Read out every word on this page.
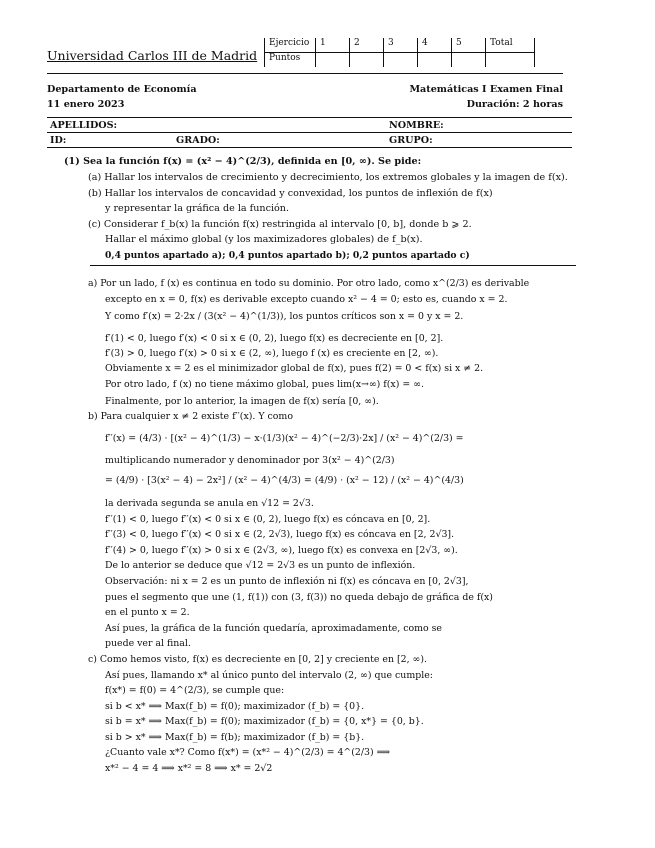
Universidad Carlos III de Madrid
Ejercicio	1	2	3	4	5	Total
Puntos						
Departamento de Economía
11 enero 2023
Matemáticas I Examen Final
Duración: 2 horas
APELLIDOS:	NOMBRE:
ID:	GRADO:	GRUPO:
(1) Sea la función f(x) = (x² − 4)^(2/3), definida en [0, ∞). Se pide:
(a) Hallar los intervalos de crecimiento y decrecimiento, los extremos globales y la imagen de f(x).
(b) Hallar los intervalos de concavidad y convexidad, los puntos de inflexión de f(x)
y representar la gráfica de la función.
(c) Considerar f_b(x) la función f(x) restringida al intervalo [0, b], donde b ⩾ 2.
Hallar el máximo global (y los maximizadores globales) de f_b(x).
0,4 puntos apartado a); 0,4 puntos apartado b); 0,2 puntos apartado c)
a) Por un lado, f (x) es continua en todo su dominio. Por otro lado, como x^(2/3) es derivable
excepto en x = 0, f(x) es derivable excepto cuando x² − 4 = 0; esto es, cuando x = 2.
Y como f′(x) = 2·2x / (3(x² − 4)^(1/3)), los puntos críticos son x = 0 y x = 2.
f′(1) < 0, luego f′(x) < 0 si x ∈ (0, 2), luego f(x) es decreciente en [0, 2].
f′(3) > 0, luego f′(x) > 0 si x ∈ (2, ∞), luego f (x) es creciente en [2, ∞).
Obviamente x = 2 es el minimizador global de f(x), pues f(2) = 0 < f(x) si x ≠ 2.
Por otro lado, f (x) no tiene máximo global, pues lim(x→∞) f(x) = ∞.
Finalmente, por lo anterior, la imagen de f(x) sería [0, ∞).
b) Para cualquier x ≠ 2 existe f′′(x). Y como
f′′(x) = (4/3) · [(x² − 4)^(1/3) − x·(1/3)(x² − 4)^(−2/3)·2x] / (x² − 4)^(2/3) =
multiplicando numerador y denominador por 3(x² − 4)^(2/3)
= (4/9) · [3(x² − 4) − 2x²] / (x² − 4)^(4/3) = (4/9) · (x² − 12) / (x² − 4)^(4/3)
la derivada segunda se anula en √12 = 2√3.
f′′(1) < 0, luego f′′(x) < 0 si x ∈ (0, 2), luego f(x) es cóncava en [0, 2].
f′′(3) < 0, luego f′′(x) < 0 si x ∈ (2, 2√3), luego f(x) es cóncava en [2, 2√3].
f′′(4) > 0, luego f′′(x) > 0 si x ∈ (2√3, ∞), luego f(x) es convexa en [2√3, ∞).
De lo anterior se deduce que √12 = 2√3 es un punto de inflexión.
Observación: ni x = 2 es un punto de inflexión ni f(x) es cóncava en [0, 2√3],
pues el segmento que une (1, f(1)) con (3, f(3)) no queda debajo de gráfica de f(x)
en el punto x = 2.
Así pues, la gráfica de la función quedaría, aproximadamente, como se
puede ver al final.
c) Como hemos visto, f(x) es decreciente en [0, 2] y creciente en [2, ∞).
Así pues, llamando x* al único punto del intervalo (2, ∞) que cumple:
f(x*) = f(0) = 4^(2/3), se cumple que:
si b < x* ⟹ Max(f_b) = f(0); maximizador (f_b) = {0}.
si b = x* ⟹ Max(f_b) = f(0); maximizador (f_b) = {0, x*} = {0, b}.
si b > x* ⟹ Max(f_b) = f(b); maximizador (f_b) = {b}.
¿Cuanto vale x*? Como f(x*) = (x*² − 4)^(2/3) = 4^(2/3) ⟹
x*² − 4 = 4 ⟹ x*² = 8 ⟹ x* = 2√2
